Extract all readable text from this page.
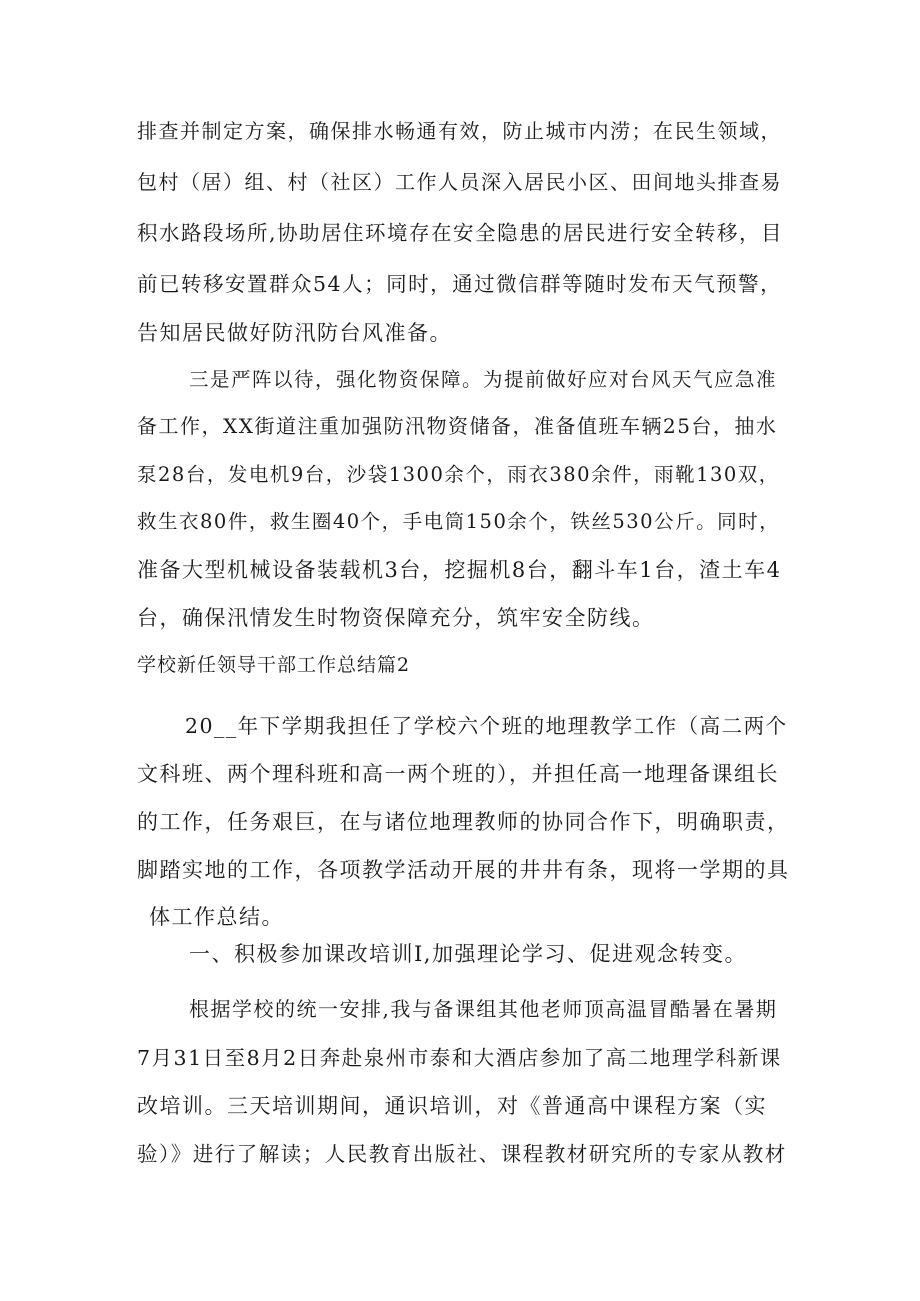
排查并制定方案，确保排水畅通有效，防止城市内涝；在民生领域，
包村（居）组、村（社区）工作人员深入居民小区、田间地头排查易
积水路段场所,协助居住环境存在安全隐患的居民进行安全转移，目
前已转移安置群众54人；同时，通过微信群等随时发布天气预警，
告知居民做好防汛防台风准备。
三是严阵以待，强化物资保障。为提前做好应对台风天气应急准
备工作，XX街道注重加强防汛物资储备，准备值班车辆25台，抽水
泵28台，发电机9台，沙袋1300余个，雨衣380余件，雨靴130双，
救生衣80件，救生圈40个，手电筒150余个，铁丝530公斤。同时，
准备大型机械设备装载机3台，挖掘机8台，翻斗车1台，渣土车4
台，确保汛情发生时物资保障充分，筑牢安全防线。
学校新任领导干部工作总结篇2
20__年下学期我担任了学校六个班的地理教学工作（高二两个
文科班、两个理科班和高一两个班的），并担任高一地理备课组长
的工作，任务艰巨，在与诸位地理教师的协同合作下，明确职责，
脚踏实地的工作，各项教学活动开展的井井有条，现将一学期的具
体工作总结。
一、积极参加课改培训I,加强理论学习、促进观念转变。
根据学校的统一安排,我与备课组其他老师顶高温冒酷暑在暑期
7月31日至8月2日奔赴泉州市泰和大酒店参加了高二地理学科新课
改培训。三天培训期间，通识培训，对《普通高中课程方案（实
验）》进行了解读；人民教育出版社、课程教材研究所的专家从教材
